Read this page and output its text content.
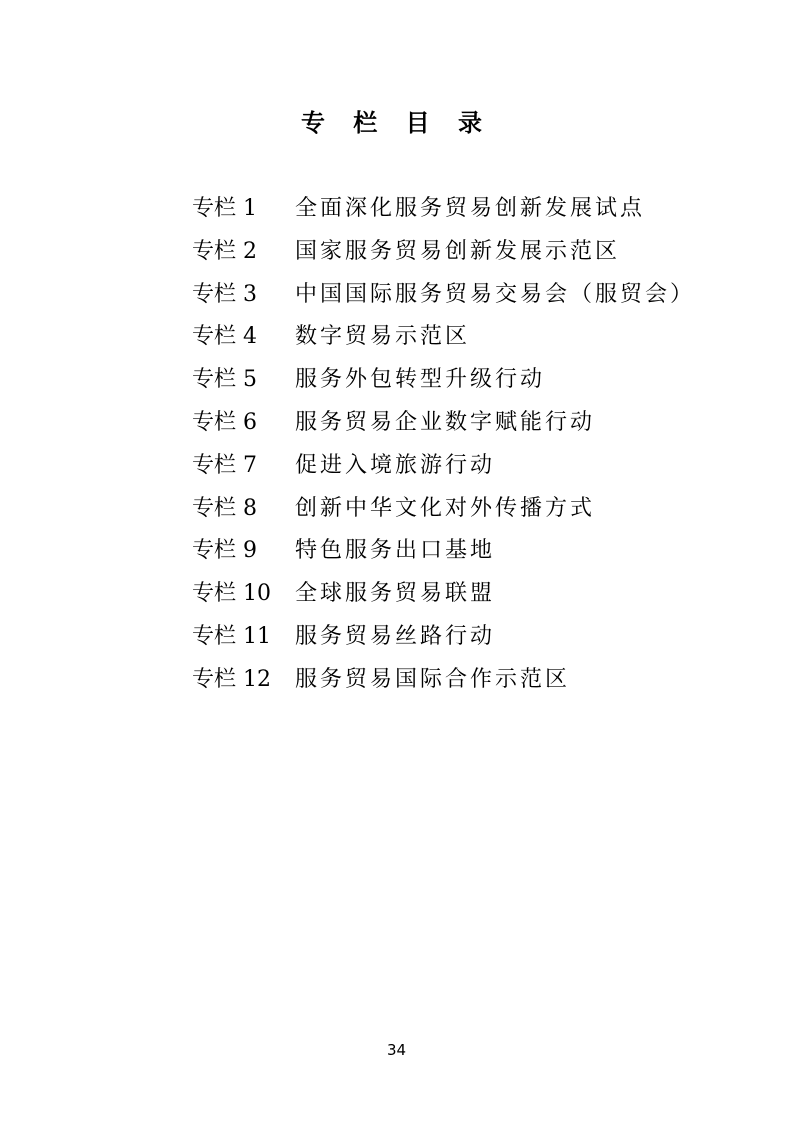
专 栏 目 录
专栏 1	全面深化服务贸易创新发展试点
专栏 2	国家服务贸易创新发展示范区
专栏 3	中国国际服务贸易交易会（服贸会）
专栏 4	数字贸易示范区
专栏 5	服务外包转型升级行动
专栏 6	服务贸易企业数字赋能行动
专栏 7	促进入境旅游行动
专栏 8	创新中华文化对外传播方式
专栏 9	特色服务出口基地
专栏 10	全球服务贸易联盟
专栏 11	服务贸易丝路行动
专栏 12	服务贸易国际合作示范区
34
